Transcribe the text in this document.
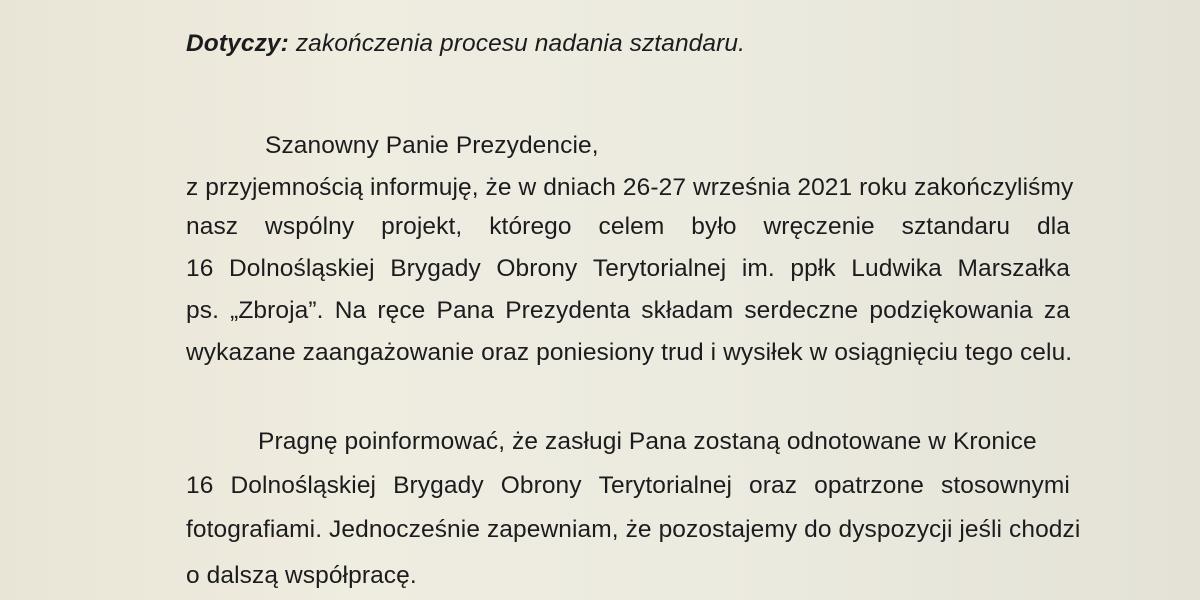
Dotyczy: zakończenia procesu nadania sztandaru.
Szanowny Panie Prezydencie,
z przyjemnością informuję, że w dniach 26-27 września 2021 roku zakończyliśmy
nasz wspólny projekt, którego celem było wręczenie sztandaru dla
16 Dolnośląskiej Brygady Obrony Terytorialnej im. ppłk Ludwika Marszałka
ps. „Zbroja”. Na ręce Pana Prezydenta składam serdeczne podziękowania za
wykazane zaangażowanie oraz poniesiony trud i wysiłek w osiągnięciu tego celu.
Pragnę poinformować, że zasługi Pana zostaną odnotowane w Kronice
16 Dolnośląskiej Brygady Obrony Terytorialnej oraz opatrzone stosownymi
fotografiami. Jednocześnie zapewniam, że pozostajemy do dyspozycji jeśli chodzi
o dalszą współpracę.
